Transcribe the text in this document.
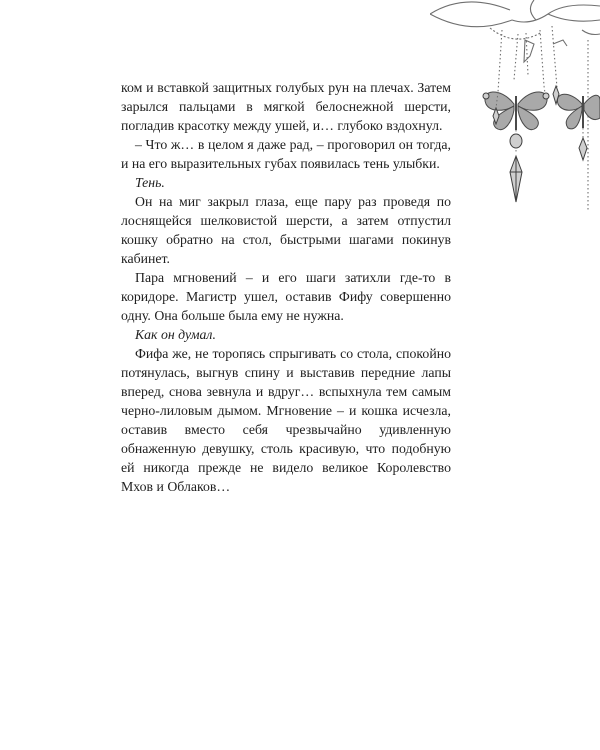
ком и вставкой защитных голубых рун на плечах. Затем зарылся пальцами в мягкой белоснежной шерсти, погладив красотку между ушей, и… глубоко вздохнул.

– Что ж… в целом я даже рад, – проговорил он тогда, и на его выразительных губах появилась тень улыбки.

Тень.

Он на миг закрыл глаза, еще пару раз проведя по лоснящейся шелковистой шерсти, а затем отпустил кошку обратно на стол, быстрыми шагами покинув кабинет.

Пара мгновений – и его шаги затихли где-то в коридоре. Магистр ушел, оставив Фифу совершенно одну. Она больше была ему не нужна.

Как он думал.

Фифа же, не торопясь спрыгивать со стола, спокойно потянулась, выгнув спину и выставив передние лапы вперед, снова зевнула и вдруг… вспыхнула тем самым черно-лиловым дымом. Мгновение – и кошка исчезла, оставив вместо себя чрезвычайно удивленную обнаженную девушку, столь красивую, что подобную ей никогда прежде не видело великое Королевство Мхов и Облаков…
